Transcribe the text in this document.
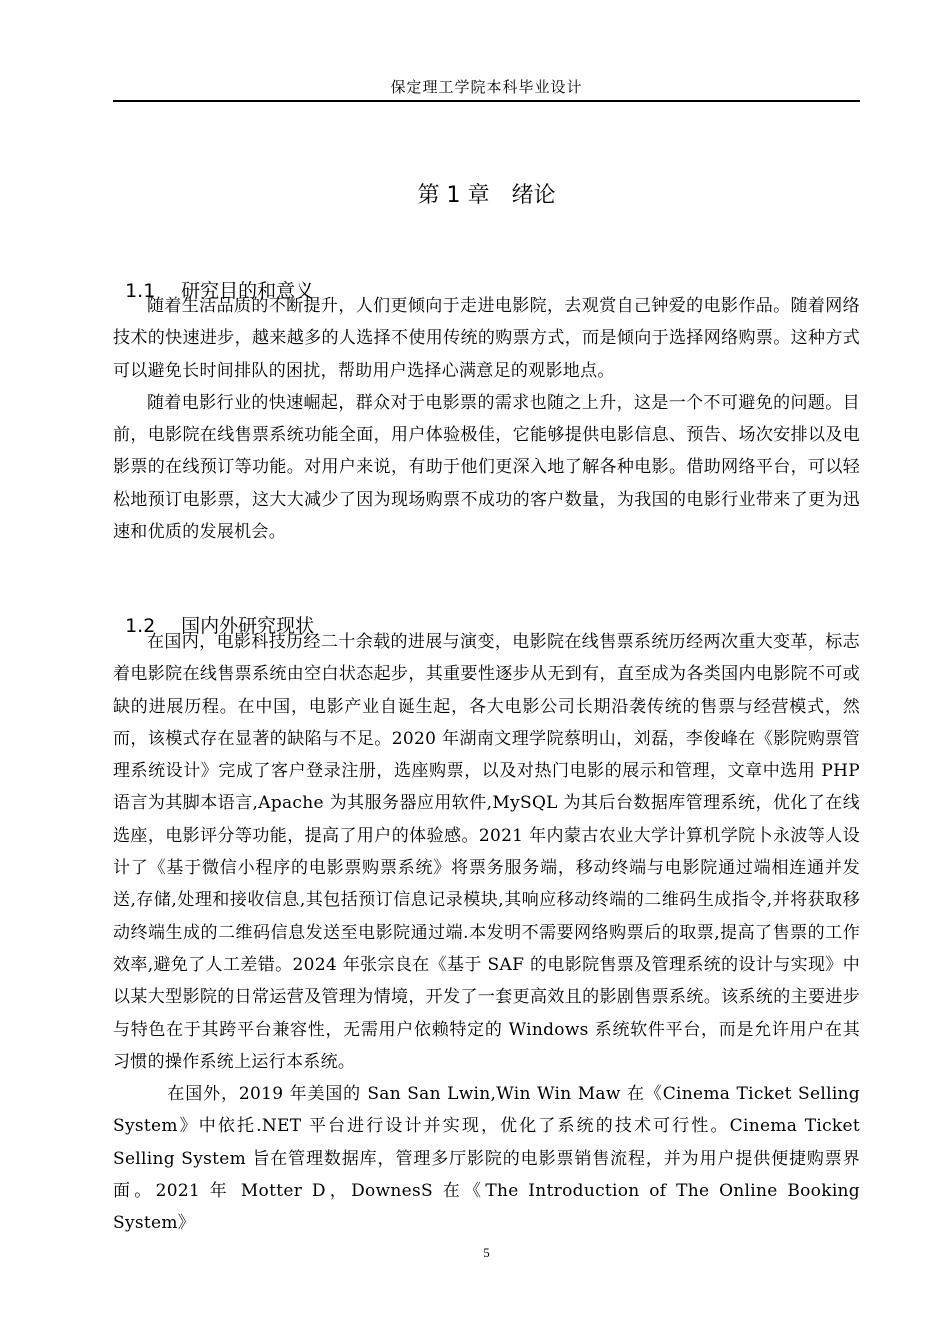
保定理工学院本科毕业设计
第 1 章　绪论

1.1 研究目的和意义

随着生活品质的不断提升，人们更倾向于走进电影院，去观赏自己钟爱的电影作品。随着网络技术的快速进步，越来越多的人选择不使用传统的购票方式，而是倾向于选择网络购票。这种方式可以避免长时间排队的困扰，帮助用户选择心满意足的观影地点。

随着电影行业的快速崛起，群众对于电影票的需求也随之上升，这是一个不可避免的问题。目前，电影院在线售票系统功能全面，用户体验极佳，它能够提供电影信息、预告、场次安排以及电影票的在线预订等功能。对用户来说，有助于他们更深入地了解各种电影。借助网络平台，可以轻松地预订电影票，这大大减少了因为现场购票不成功的客户数量，为我国的电影行业带来了更为迅速和优质的发展机会。

1.2 国内外研究现状

在国内，电影科技历经二十余载的进展与演变，电影院在线售票系统历经两次重大变革，标志着电影院在线售票系统由空白状态起步，其重要性逐步从无到有，直至成为各类国内电影院不可或缺的进展历程。在中国，电影产业自诞生起，各大电影公司长期沿袭传统的售票与经营模式，然而，该模式存在显著的缺陷与不足。2020 年湖南文理学院蔡明山，刘磊，李俊峰在《影院购票管理系统设计》完成了客户登录注册，选座购票，以及对热门电影的展示和管理，文章中选用 PHP 语言为其脚本语言,Apache 为其服务器应用软件,MySQL 为其后台数据库管理系统，优化了在线选座，电影评分等功能，提高了用户的体验感。2021 年内蒙古农业大学计算机学院卜永波等人设计了《基于微信小程序的电影票购票系统》将票务服务端，移动终端与电影院通过端相连通并发送,存储,处理和接收信息,其包括预订信息记录模块,其响应移动终端的二维码生成指令,并将获取移动终端生成的二维码信息发送至电影院通过端.本发明不需要网络购票后的取票,提高了售票的工作效率,避免了人工差错。2024 年张宗良在《基于 SAF 的电影院售票及管理系统的设计与实现》中以某大型影院的日常运营及管理为情境，开发了一套更高效且的影剧售票系统。该系统的主要进步与特色在于其跨平台兼容性，无需用户依赖特定的 Windows 系统软件平台，而是允许用户在其习惯的操作系统上运行本系统。

在国外，2019 年美国的 San San Lwin,Win Win Maw 在《Cinema Ticket Selling System》中依托.NET 平台进行设计并实现，优化了系统的技术可行性。Cinema Ticket Selling System 旨在管理数据库，管理多厅影院的电影票销售流程，并为用户提供便捷购票界面。2021 年 Motter D，DownesS 在《The Introduction of The Online Booking System》

5
